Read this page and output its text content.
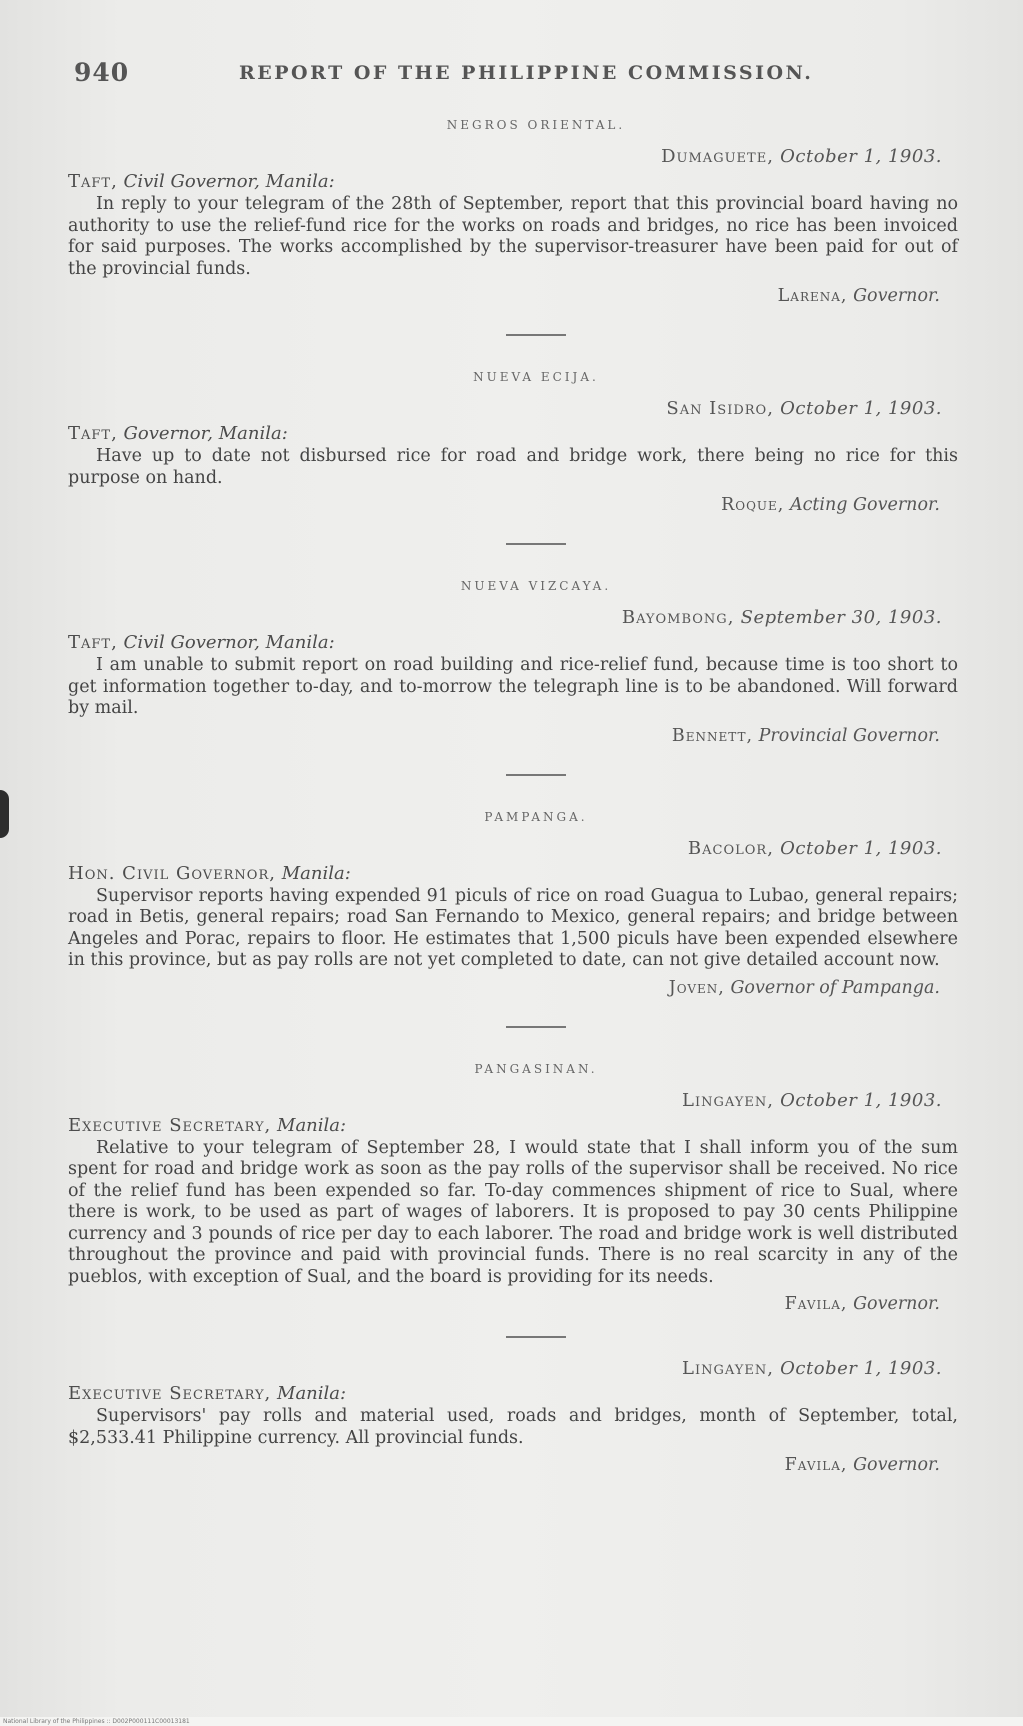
940	REPORT OF THE PHILIPPINE COMMISSION.
NEGROS ORIENTAL.
Dumaguete, October 1, 1903.
Taft, Civil Governor, Manila:

In reply to your telegram of the 28th of September, report that this provincial board having no authority to use the relief-fund rice for the works on roads and bridges, no rice has been invoiced for said purposes. The works accomplished by the supervisor-treasurer have been paid for out of the provincial funds.

Larena, Governor.
NUEVA ECIJA.
San Isidro, October 1, 1903.
Taft, Governor, Manila:

Have up to date not disbursed rice for road and bridge work, there being no rice for this purpose on hand.

Roque, Acting Governor.
NUEVA VIZCAYA.
Bayombong, September 30, 1903.
Taft, Civil Governor, Manila:

I am unable to submit report on road building and rice-relief fund, because time is too short to get information together to-day, and to-morrow the telegraph line is to be abandoned. Will forward by mail.

Bennett, Provincial Governor.
PAMPANGA.
Bacolor, October 1, 1903.
Hon. Civil Governor, Manila:

Supervisor reports having expended 91 piculs of rice on road Guagua to Lubao, general repairs; road in Betis, general repairs; road San Fernando to Mexico, general repairs; and bridge between Angeles and Porac, repairs to floor. He estimates that 1,500 piculs have been expended elsewhere in this province, but as pay rolls are not yet completed to date, can not give detailed account now.

Joven, Governor of Pampanga.
PANGASINAN.
Lingayen, October 1, 1903.
Executive Secretary, Manila:

Relative to your telegram of September 28, I would state that I shall inform you of the sum spent for road and bridge work as soon as the pay rolls of the supervisor shall be received. No rice of the relief fund has been expended so far. To-day commences shipment of rice to Sual, where there is work, to be used as part of wages of laborers. It is proposed to pay 30 cents Philippine currency and 3 pounds of rice per day to each laborer. The road and bridge work is well distributed throughout the province and paid with provincial funds. There is no real scarcity in any of the pueblos, with exception of Sual, and the board is providing for its needs.

Favila, Governor.
Lingayen, October 1, 1903.
Executive Secretary, Manila:

Supervisors' pay rolls and material used, roads and bridges, month of September, total, $2,533.41 Philippine currency. All provincial funds.

Favila, Governor.
National Library of the Philippines :: D002P000111C00013181
